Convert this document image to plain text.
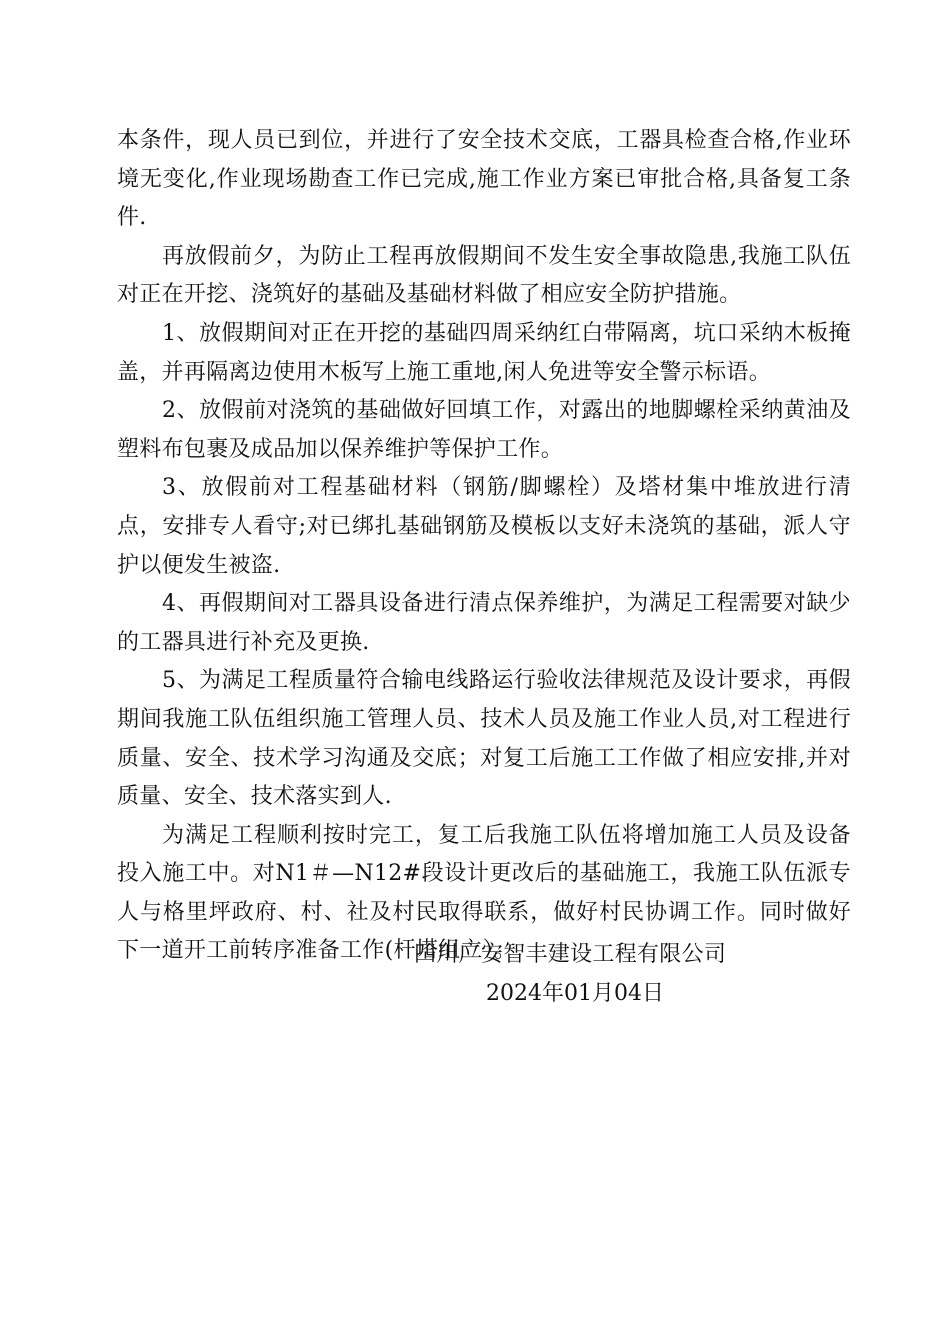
本条件，现人员已到位，并进行了安全技术交底，工器具检查合格,作业环境无变化,作业现场勘查工作已完成,施工作业方案已审批合格,具备复工条件.

再放假前夕，为防止工程再放假期间不发生安全事故隐患,我施工队伍对正在开挖、浇筑好的基础及基础材料做了相应安全防护措施。

1、放假期间对正在开挖的基础四周采纳红白带隔离，坑口采纳木板掩盖，并再隔离边使用木板写上施工重地,闲人免进等安全警示标语。

2、放假前对浇筑的基础做好回填工作，对露出的地脚螺栓采纳黄油及塑料布包裹及成品加以保养维护等保护工作。

3、放假前对工程基础材料（钢筋/脚螺栓）及塔材集中堆放进行清点，安排专人看守;对已绑扎基础钢筋及模板以支好未浇筑的基础，派人守护以便发生被盗.

4、再假期间对工器具设备进行清点保养维护，为满足工程需要对缺少的工器具进行补充及更换.

5、为满足工程质量符合输电线路运行验收法律规范及设计要求，再假期间我施工队伍组织施工管理人员、技术人员及施工作业人员,对工程进行质量、安全、技术学习沟通及交底；对复工后施工工作做了相应安排,并对质量、安全、技术落实到人.

为满足工程顺利按时完工，复工后我施工队伍将增加施工人员及设备投入施工中。对N1＃—N12#段设计更改后的基础施工，我施工队伍派专人与格里坪政府、村、社及村民取得联系，做好村民协调工作。同时做好下一道开工前转序准备工作(杆塔组立）。

四川广安智丰建设工程有限公司
2024年01月04日
